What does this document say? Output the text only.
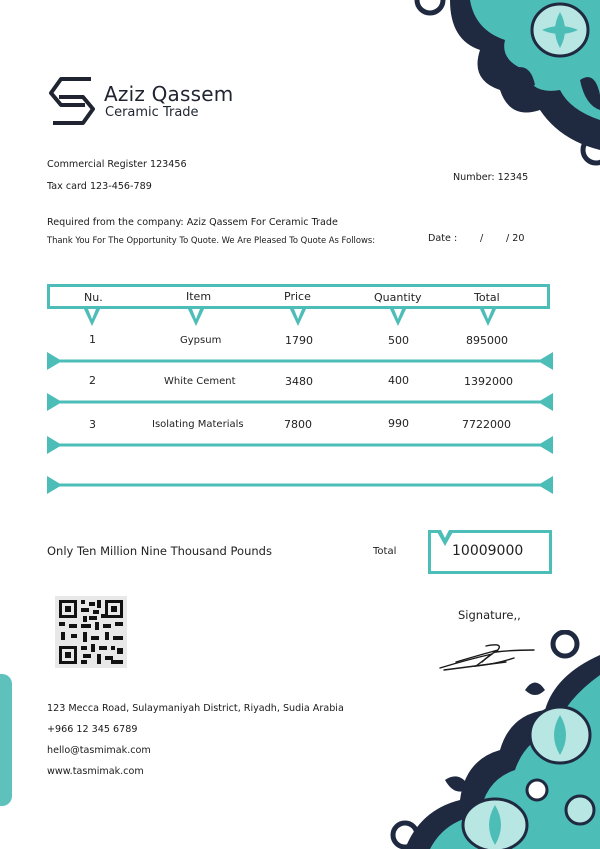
Aziz Qassem
Ceramic Trade
Commercial Register 123456
Tax card 123-456-789
Number: 12345
Required from the company: Aziz Qassem For Ceramic Trade
Thank You For The Opportunity To Quote. We Are Pleased To Quote As Follows:	Date : / / 20
Nu.	Item	Price	Quantity	Total
1	Gypsum	1790	500	895000
2	White Cement	3480	400	1392000
3	Isolating Materials	7800	990	7722000
Only Ten Million Nine Thousand Pounds	Total	10009000
Signature,,
123 Mecca Road, Sulaymaniyah District, Riyadh, Sudia Arabia
+966 12 345 6789
hello@tasmimak.com
www.tasmimak.com
